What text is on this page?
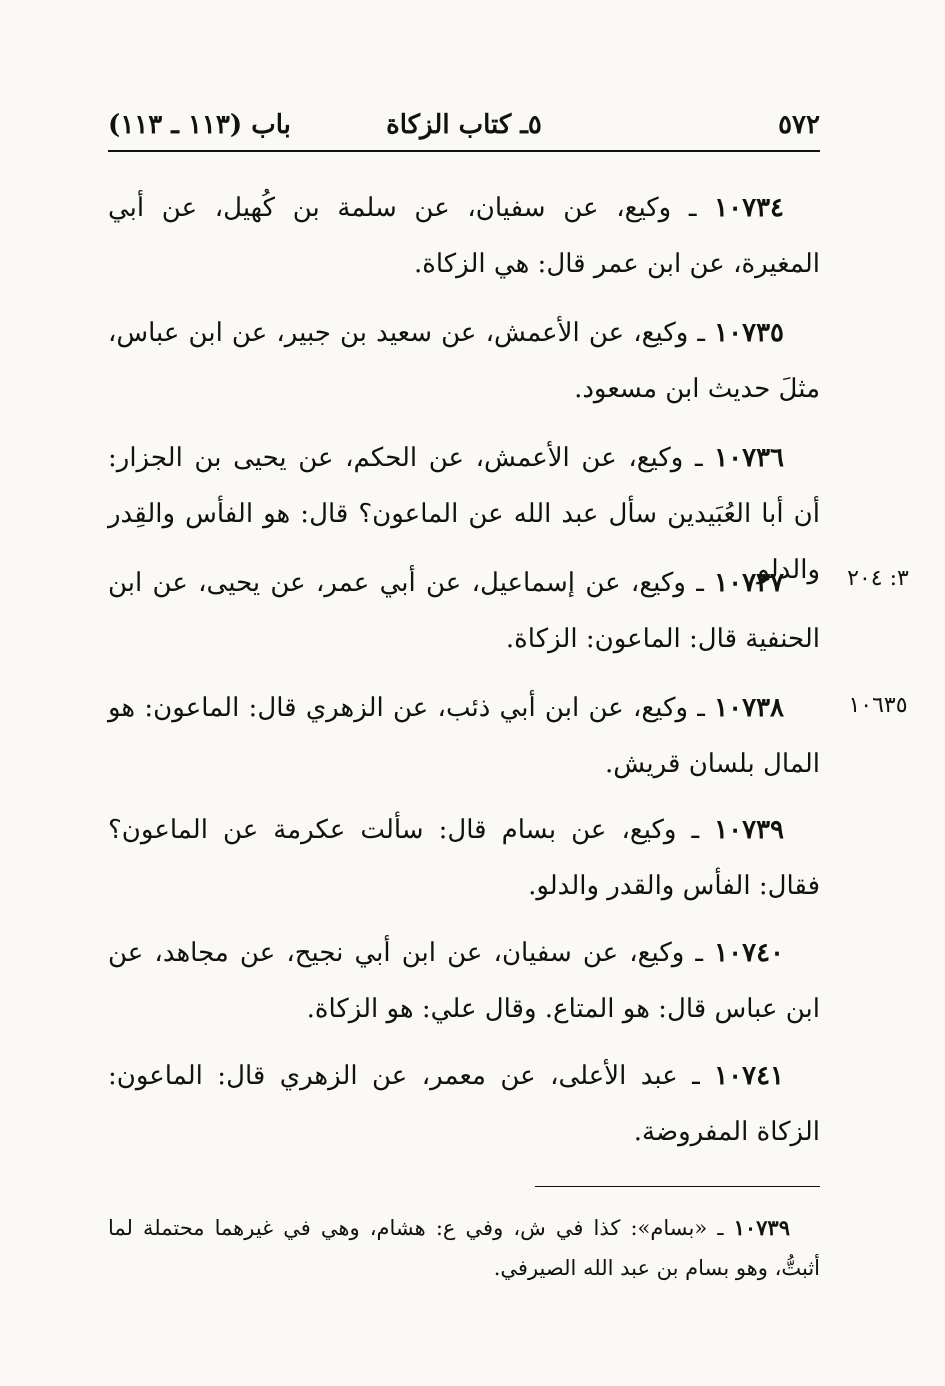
٥٧٢
٥ـ كتاب الزكاة
باب (١١٣ ـ ١١٣)
١٠٧٣٤ ـ وكيع، عن سفيان، عن سلمة بن كُهيل، عن أبي المغيرة، عن ابن عمر قال: هي الزكاة.
١٠٧٣٥ ـ وكيع، عن الأعمش، عن سعيد بن جبير، عن ابن عباس، مثلَ حديث ابن مسعود.
١٠٧٣٦ ـ وكيع، عن الأعمش، عن الحكم، عن يحيى بن الجزار: أن أبا العُبَيدين سأل عبد الله عن الماعون؟ قال: هو الفأس والقِدر والدلو.	٣: ٢٠٤
١٠٧٣٧ ـ وكيع، عن إسماعيل، عن أبي عمر، عن يحيى، عن ابن الحنفية قال: الماعون: الزكاة.
١٠٦٣٥
١٠٧٣٨ ـ وكيع، عن ابن أبي ذئب، عن الزهري قال: الماعون: هو المال بلسان قريش.
١٠٧٣٩ ـ وكيع، عن بسام قال: سألت عكرمة عن الماعون؟ فقال: الفأس والقدر والدلو.
١٠٧٤٠ ـ وكيع، عن سفيان، عن ابن أبي نجيح، عن مجاهد، عن ابن عباس قال: هو المتاع. وقال علي: هو الزكاة.
١٠٧٤١ ـ عبد الأعلى، عن معمر، عن الزهري قال: الماعون: الزكاة المفروضة.
١٠٧٣٩ ـ «بسام»: كذا في ش، وفي ع: هشام، وهي في غيرهما محتملة لما أثبتُّ، وهو بسام بن عبد الله الصيرفي.
